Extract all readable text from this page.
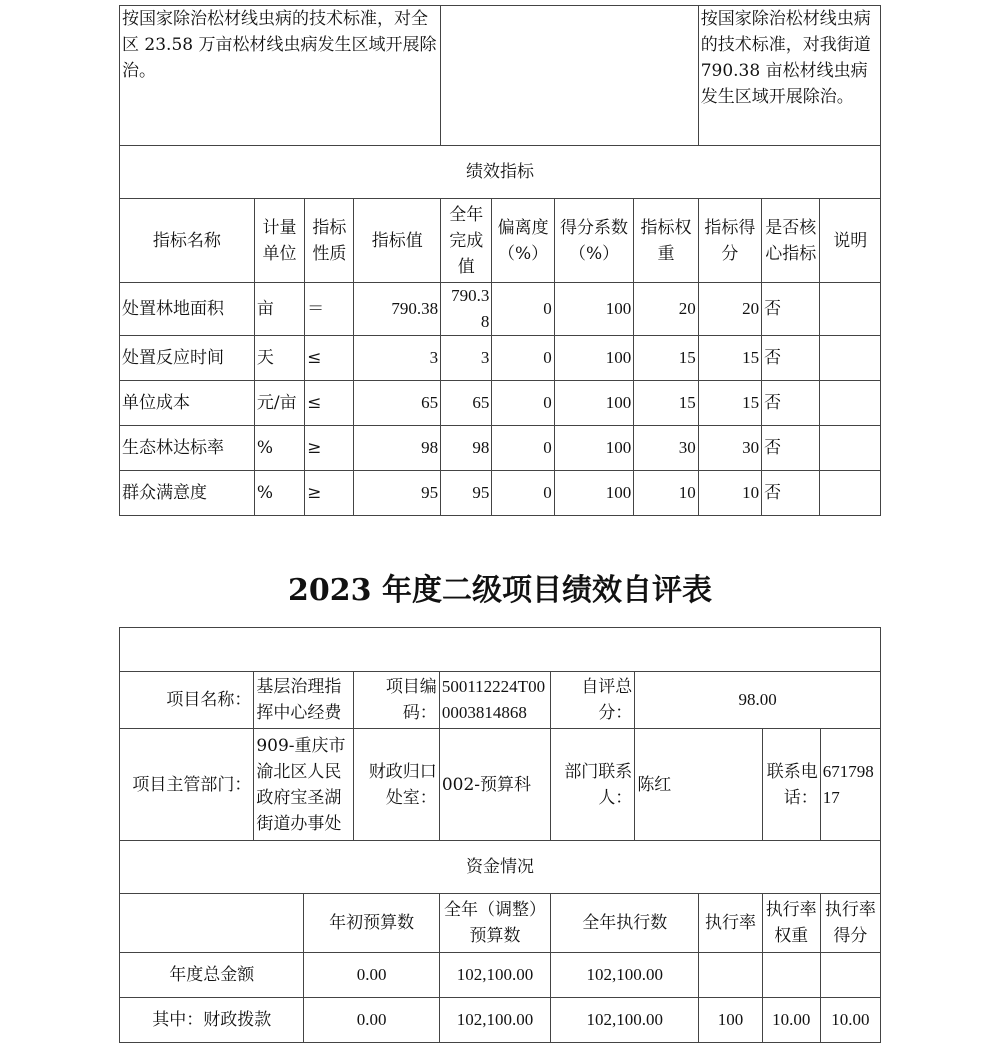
按国家除治松材线虫病的技术标准，对全区 23.58 万亩松材线虫病发生区域开展除治。								按国家除治松材线虫病的技术标准，对我街道 790.38 亩松材线虫病发生区域开展除治。		
绩效指标										
指标名称	计量单位	指标性质	指标值	全年完成值	偏离度（%）	得分系数（%）	指标权重	指标得分	是否核心指标	说明
处置林地面积	亩	＝	790.38	790.38	0	100	20	20	否	
处置反应时间	天	≤	3	3	0	100	15	15	否	
单位成本	元/亩	≤	65	65	0	100	15	15	否	
生态林达标率	%	≥	98	98	0	100	30	30	否	
群众满意度	%	≥	95	95	0	100	10	10	否	
2023 年度二级项目绩效自评表

项目名称：	基层治理指挥中心经费		项目编码：	500112224T000003814868	自评总分：	98.00			
项目主管部门：	909-重庆市渝北区人民政府宝圣湖街道办事处		财政归口处室：	002-预算科	部门联系人：	陈红		联系电话：	67179817
资金情况									
		年初预算数		全年（调整）预算数	全年执行数		执行率	执行率权重	执行率得分
年度总金额		0.00		102,100.00	102,100.00				
其中：财政拨款		0.00		102,100.00	102,100.00		100	10.00	10.00
